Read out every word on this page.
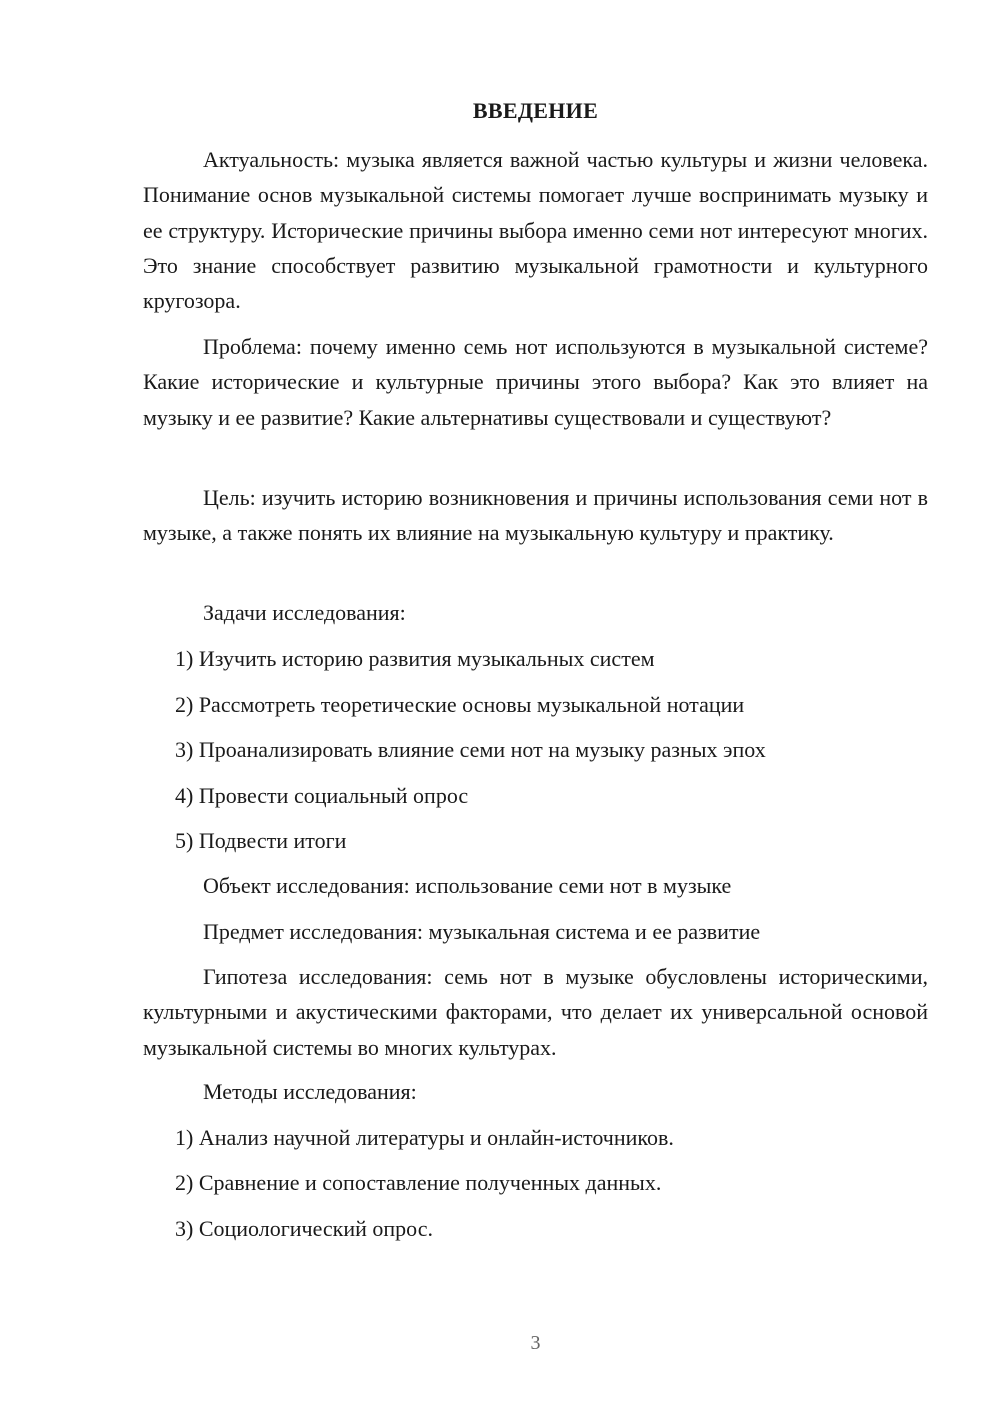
ВВЕДЕНИЕ

Актуальность: музыка является важной частью культуры и жизни человека. Понимание основ музыкальной системы помогает лучше воспринимать музыку и ее структуру. Исторические причины выбора именно семи нот интересуют многих. Это знание способствует развитию музыкальной грамотности и культурного кругозора.

Проблема: почему именно семь нот используются в музыкальной системе? Какие исторические и культурные причины этого выбора? Как это влияет на музыку и ее развитие? Какие альтернативы существовали и существуют?

Цель: изучить историю возникновения и причины использования семи нот в музыке, а также понять их влияние на музыкальную культуру и практику.

Задачи исследования:

1) Изучить историю развития музыкальных систем

2) Рассмотреть теоретические основы музыкальной нотации

3) Проанализировать влияние семи нот на музыку разных эпох

4) Провести социальный опрос

5) Подвести итоги

Объект исследования: использование семи нот в музыке

Предмет исследования: музыкальная система и ее развитие

Гипотеза исследования: семь нот в музыке обусловлены историческими, культурными и акустическими факторами, что делает их универсальной основой музыкальной системы во многих культурах.

Методы исследования:

1) Анализ научной литературы и онлайн-источников.

2) Сравнение и сопоставление полученных данных.

3) Социологический опрос.

3
